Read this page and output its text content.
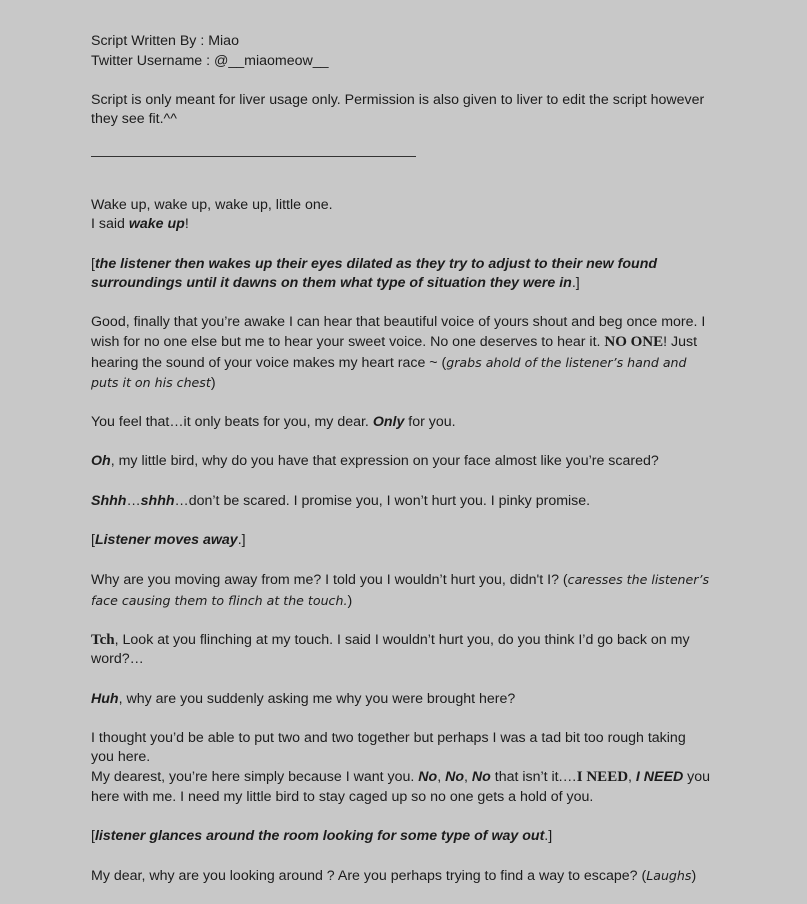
Script Written By : Miao
Twitter Username : @__miaomeow__
Script is only meant for liver usage only. Permission is also given to liver to edit the script however they see fit.^^
Wake up, wake up, wake up, little one.
I said wake up!
[the listener then wakes up their eyes dilated as they try to adjust to their new found surroundings until it dawns on them what type of situation they were in.]
Good, finally that you’re awake I can hear that beautiful voice of yours shout and beg once more. I wish for no one else but me to hear your sweet voice. No one deserves to hear it. NO ONE! Just hearing the sound of your voice makes my heart race ~ (grabs ahold of the listener’s hand and puts it on his chest)
You feel that…it only beats for you, my dear. Only for you.
Oh, my little bird, why do you have that expression on your face almost like you’re scared?
Shhh…shhh…don’t be scared. I promise you, I won’t hurt you. I pinky promise.
[Listener moves away.]
Why are you moving away from me? I told you I wouldn’t hurt you, didn't I? (caresses the listener’s face causing them to flinch at the touch.)
Tch, Look at you flinching at my touch. I said I wouldn’t hurt you, do you think I’d go back on my word?…
Huh, why are you suddenly asking me why you were brought here?
I thought you’d be able to put two and two together but perhaps I was a tad bit too rough taking you here.
My dearest, you’re here simply because I want you. No, No, No that isn’t it.…I NEED, I NEED you here with me. I need my little bird to stay caged up so no one gets a hold of you.
[listener glances around the room looking for some type of way out.]
My dear, why are you looking around ? Are you perhaps trying to find a way to escape? (Laughs)
